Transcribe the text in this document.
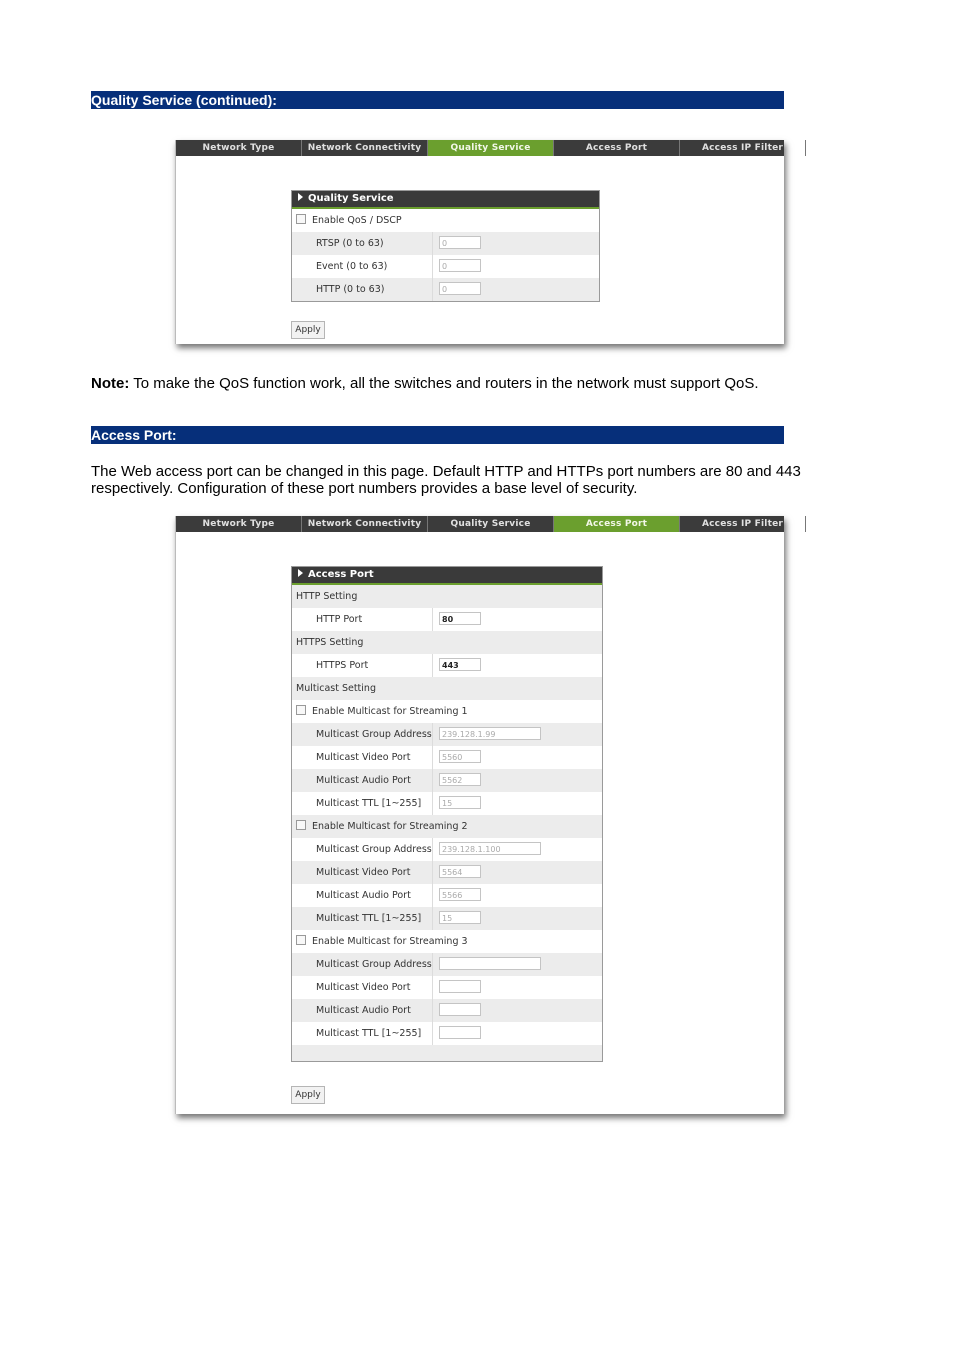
Quality Service (continued):
Network Type	Network Connectivity	Quality Service	Access Port	Access IP Filter
Quality Service
Enable QoS / DSCP
RTSP (0 to 63)	0
Event (0 to 63)	0
HTTP (0 to 63)	0
Apply
Note: To make the QoS function work, all the switches and routers in the network must support QoS.
Access Port:
The Web access port can be changed in this page. Default HTTP and HTTPs port numbers are 80 and 443 respectively. Configuration of these port numbers provides a base level of security.
Network Type	Network Connectivity	Quality Service	Access Port	Access IP Filter
Access Port
HTTP Setting
HTTP Port	80
HTTPS Setting
HTTPS Port	443
Multicast Setting
Enable Multicast for Streaming 1
Multicast Group Address	239.128.1.99
Multicast Video Port	5560
Multicast Audio Port	5562
Multicast TTL [1~255]	15
Enable Multicast for Streaming 2
Multicast Group Address	239.128.1.100
Multicast Video Port	5564
Multicast Audio Port	5566
Multicast TTL [1~255]	15
Enable Multicast for Streaming 3
Multicast Group Address
Multicast Video Port
Multicast Audio Port
Multicast TTL [1~255]
Apply
